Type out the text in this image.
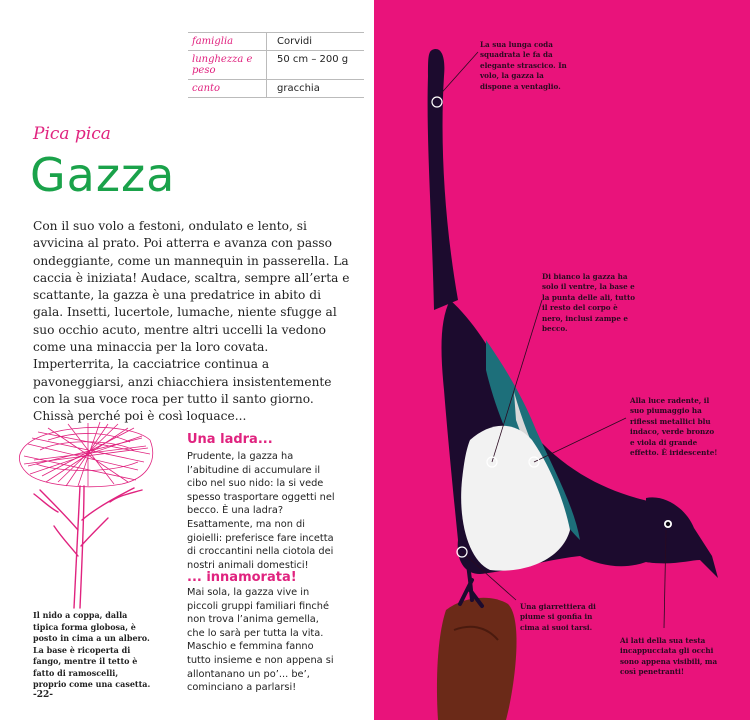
famiglia	Corvidi
lunghezza e peso	50 cm – 200 g
canto	gracchia
Pica pica
Gazza
Con il suo volo a festoni, ondulato e lento, si avvicina al prato. Poi atterra e avanza con passo ondeggiante, come un mannequin in passerella. La caccia è iniziata! Audace, scaltra, sempre all’erta e scattante, la gazza è una predatrice in abito di gala. Insetti, lucertole, lumache, niente sfugge al suo occhio acuto, mentre altri uccelli la vedono come una minaccia per la loro covata. Imperterrita, la cacciatrice continua a pavoneggiarsi, anzi chiacchiera insistentemente con la sua voce roca per tutto il santo giorno. Chissà perché poi è così loquace...
Il nido a coppa, dalla tipica forma globosa, è posto in cima a un albero. La base è ricoperta di fango, mentre il tetto è fatto di ramoscelli, proprio come una casetta.
-22-
Una ladra...
Prudente, la gazza ha l’abitudine di accumulare il cibo nel suo nido: la si vede spesso trasportare oggetti nel becco. È una ladra? Esattamente, ma non di gioielli: preferisce fare incetta di croccantini nella ciotola dei nostri animali domestici!
... innamorata!
Mai sola, la gazza vive in piccoli gruppi familiari finché non trova l’anima gemella, che lo sarà per tutta la vita. Maschio e femmina fanno tutto insieme e non appena si allontanano un po’... be’, cominciano a parlarsi!
La sua lunga coda squadrata le fa da elegante strascico. In volo, la gazza la dispone a ventaglio.
Di bianco la gazza ha solo il ventre, la base e la punta delle ali, tutto il resto del corpo è nero, inclusi zampe e becco.
Alla luce radente, il suo piumaggio ha riflessi metallici blu indaco, verde bronzo e viola di grande effetto. È iridescente!
Una giarrettiera di piume si gonfia in cima ai suoi tarsi.
Ai lati della sua testa incappucciata gli occhi sono appena visibili, ma così penetranti!
